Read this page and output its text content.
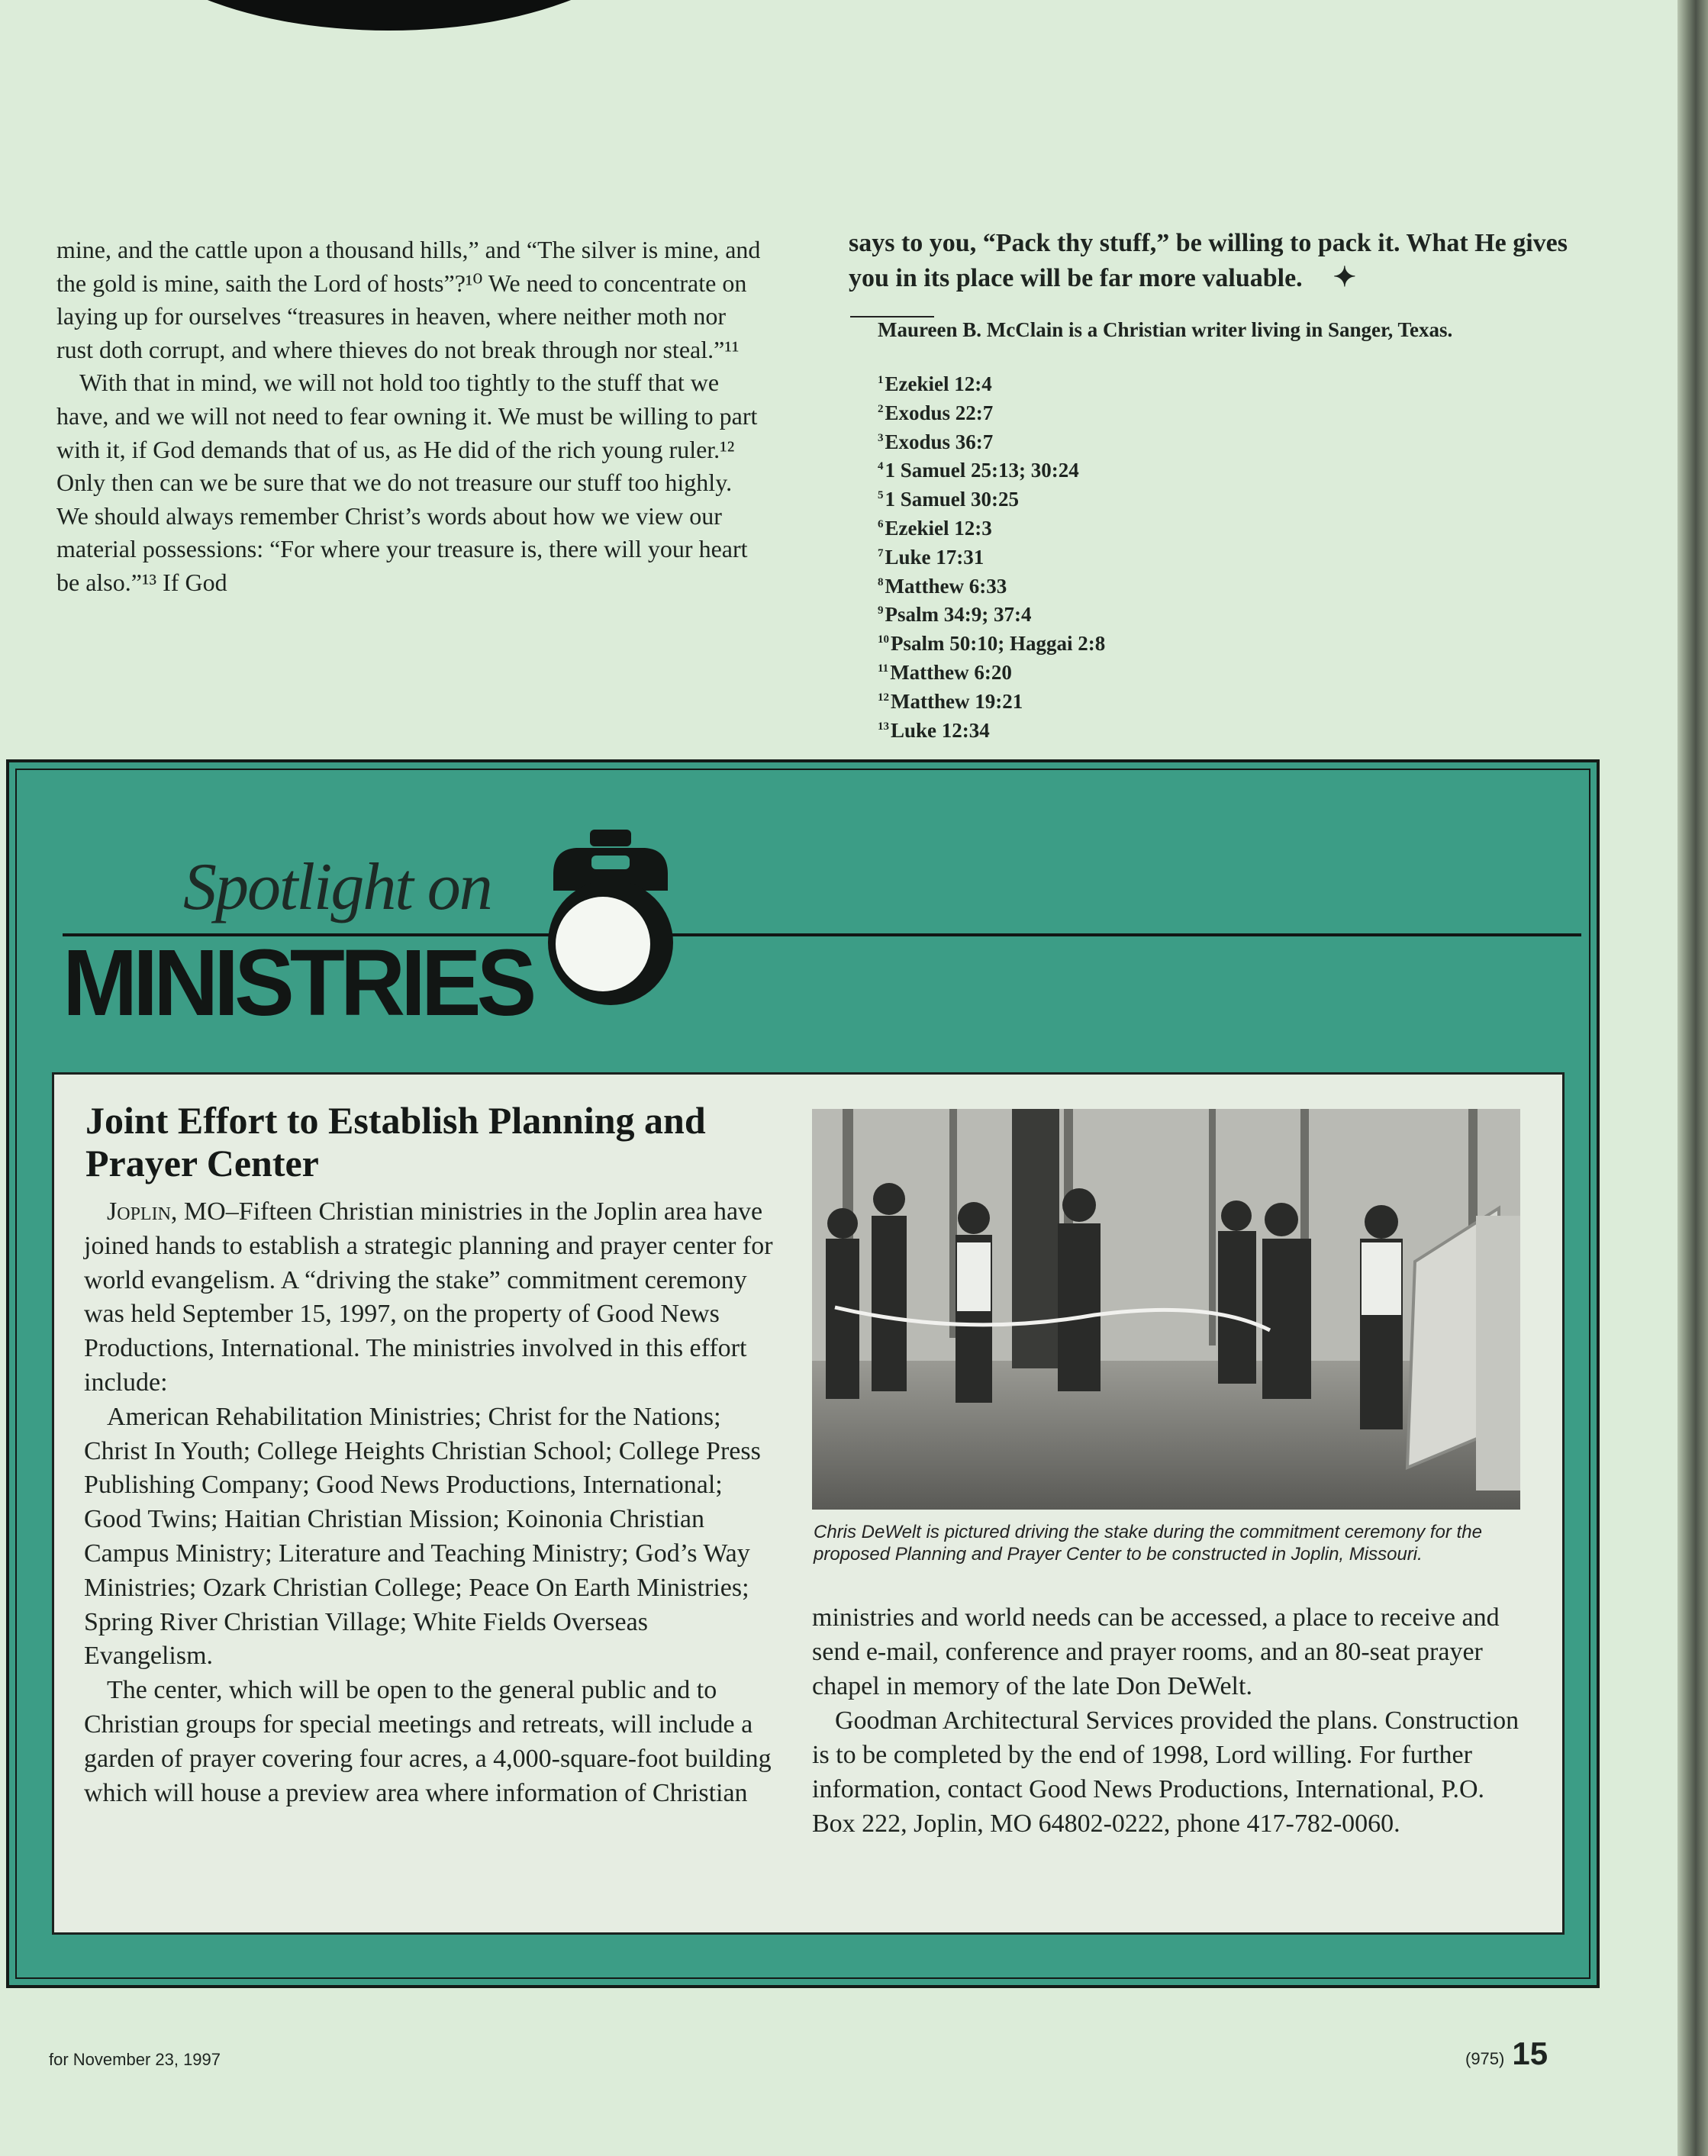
mine, and the cattle upon a thousand hills,” and “The silver is mine, and the gold is mine, saith the Lord of hosts”?¹⁰ We need to concentrate on laying up for ourselves “treasures in heaven, where neither moth nor rust doth corrupt, and where thieves do not break through nor steal.”¹¹

With that in mind, we will not hold too tightly to the stuff that we have, and we will not need to fear owning it. We must be willing to part with it, if God demands that of us, as He did of the rich young ruler.¹² Only then can we be sure that we do not treasure our stuff too highly. We should always remember Christ’s words about how we view our material possessions: “For where your treasure is, there will your heart be also.”¹³ If God

says to you, “Pack thy stuff,” be willing to pack it. What He gives you in its place will be far more valuable. ✦
Maureen B. McClain is a Christian writer living in Sanger, Texas.
$^1$Ezekiel 12:4
$^2$Exodus 22:7
$^3$Exodus 36:7
$^4$1 Samuel 25:13; 30:24
$^5$1 Samuel 30:25
$^6$Ezekiel 12:3
$^7$Luke 17:31
$^8$Matthew 6:33
$^9$Psalm 34:9; 37:4
$^{10}$Psalm 50:10; Haggai 2:8
$^{11}$Matthew 6:20
$^{12}$Matthew 19:21
$^{13}$Luke 12:34
Spotlight on
MINISTRIES
Joint Effort to Establish Planning and Prayer Center

Joplin, MO–Fifteen Christian ministries in the Joplin area have joined hands to establish a strategic planning and prayer center for world evangelism. A “driving the stake” commitment ceremony was held September 15, 1997, on the property of Good News Productions, International. The ministries involved in this effort include:

American Rehabilitation Ministries; Christ for the Nations; Christ In Youth; College Heights Christian School; College Press Publishing Company; Good News Productions, International; Good Twins; Haitian Christian Mission; Koinonia Christian Campus Ministry; Literature and Teaching Ministry; God’s Way Ministries; Ozark Christian College; Peace On Earth Ministries; Spring River Christian Village; White Fields Overseas Evangelism.

The center, which will be open to the general public and to Christian groups for special meetings and retreats, will include a garden of prayer covering four acres, a 4,000-square-foot building which will house a preview area where information of Christian

Chris DeWelt is pictured driving the stake during the commitment ceremony for the proposed Planning and Prayer Center to be constructed in Joplin, Missouri.

ministries and world needs can be accessed, a place to receive and send e-mail, conference and prayer rooms, and an 80-seat prayer chapel in memory of the late Don DeWelt.

Goodman Architectural Services provided the plans. Construction is to be completed by the end of 1998, Lord willing. For further information, contact Good News Productions, International, P.O. Box 222, Joplin, MO 64802-0222, phone 417-782-0060.

for November 23, 1997	(975) 15
